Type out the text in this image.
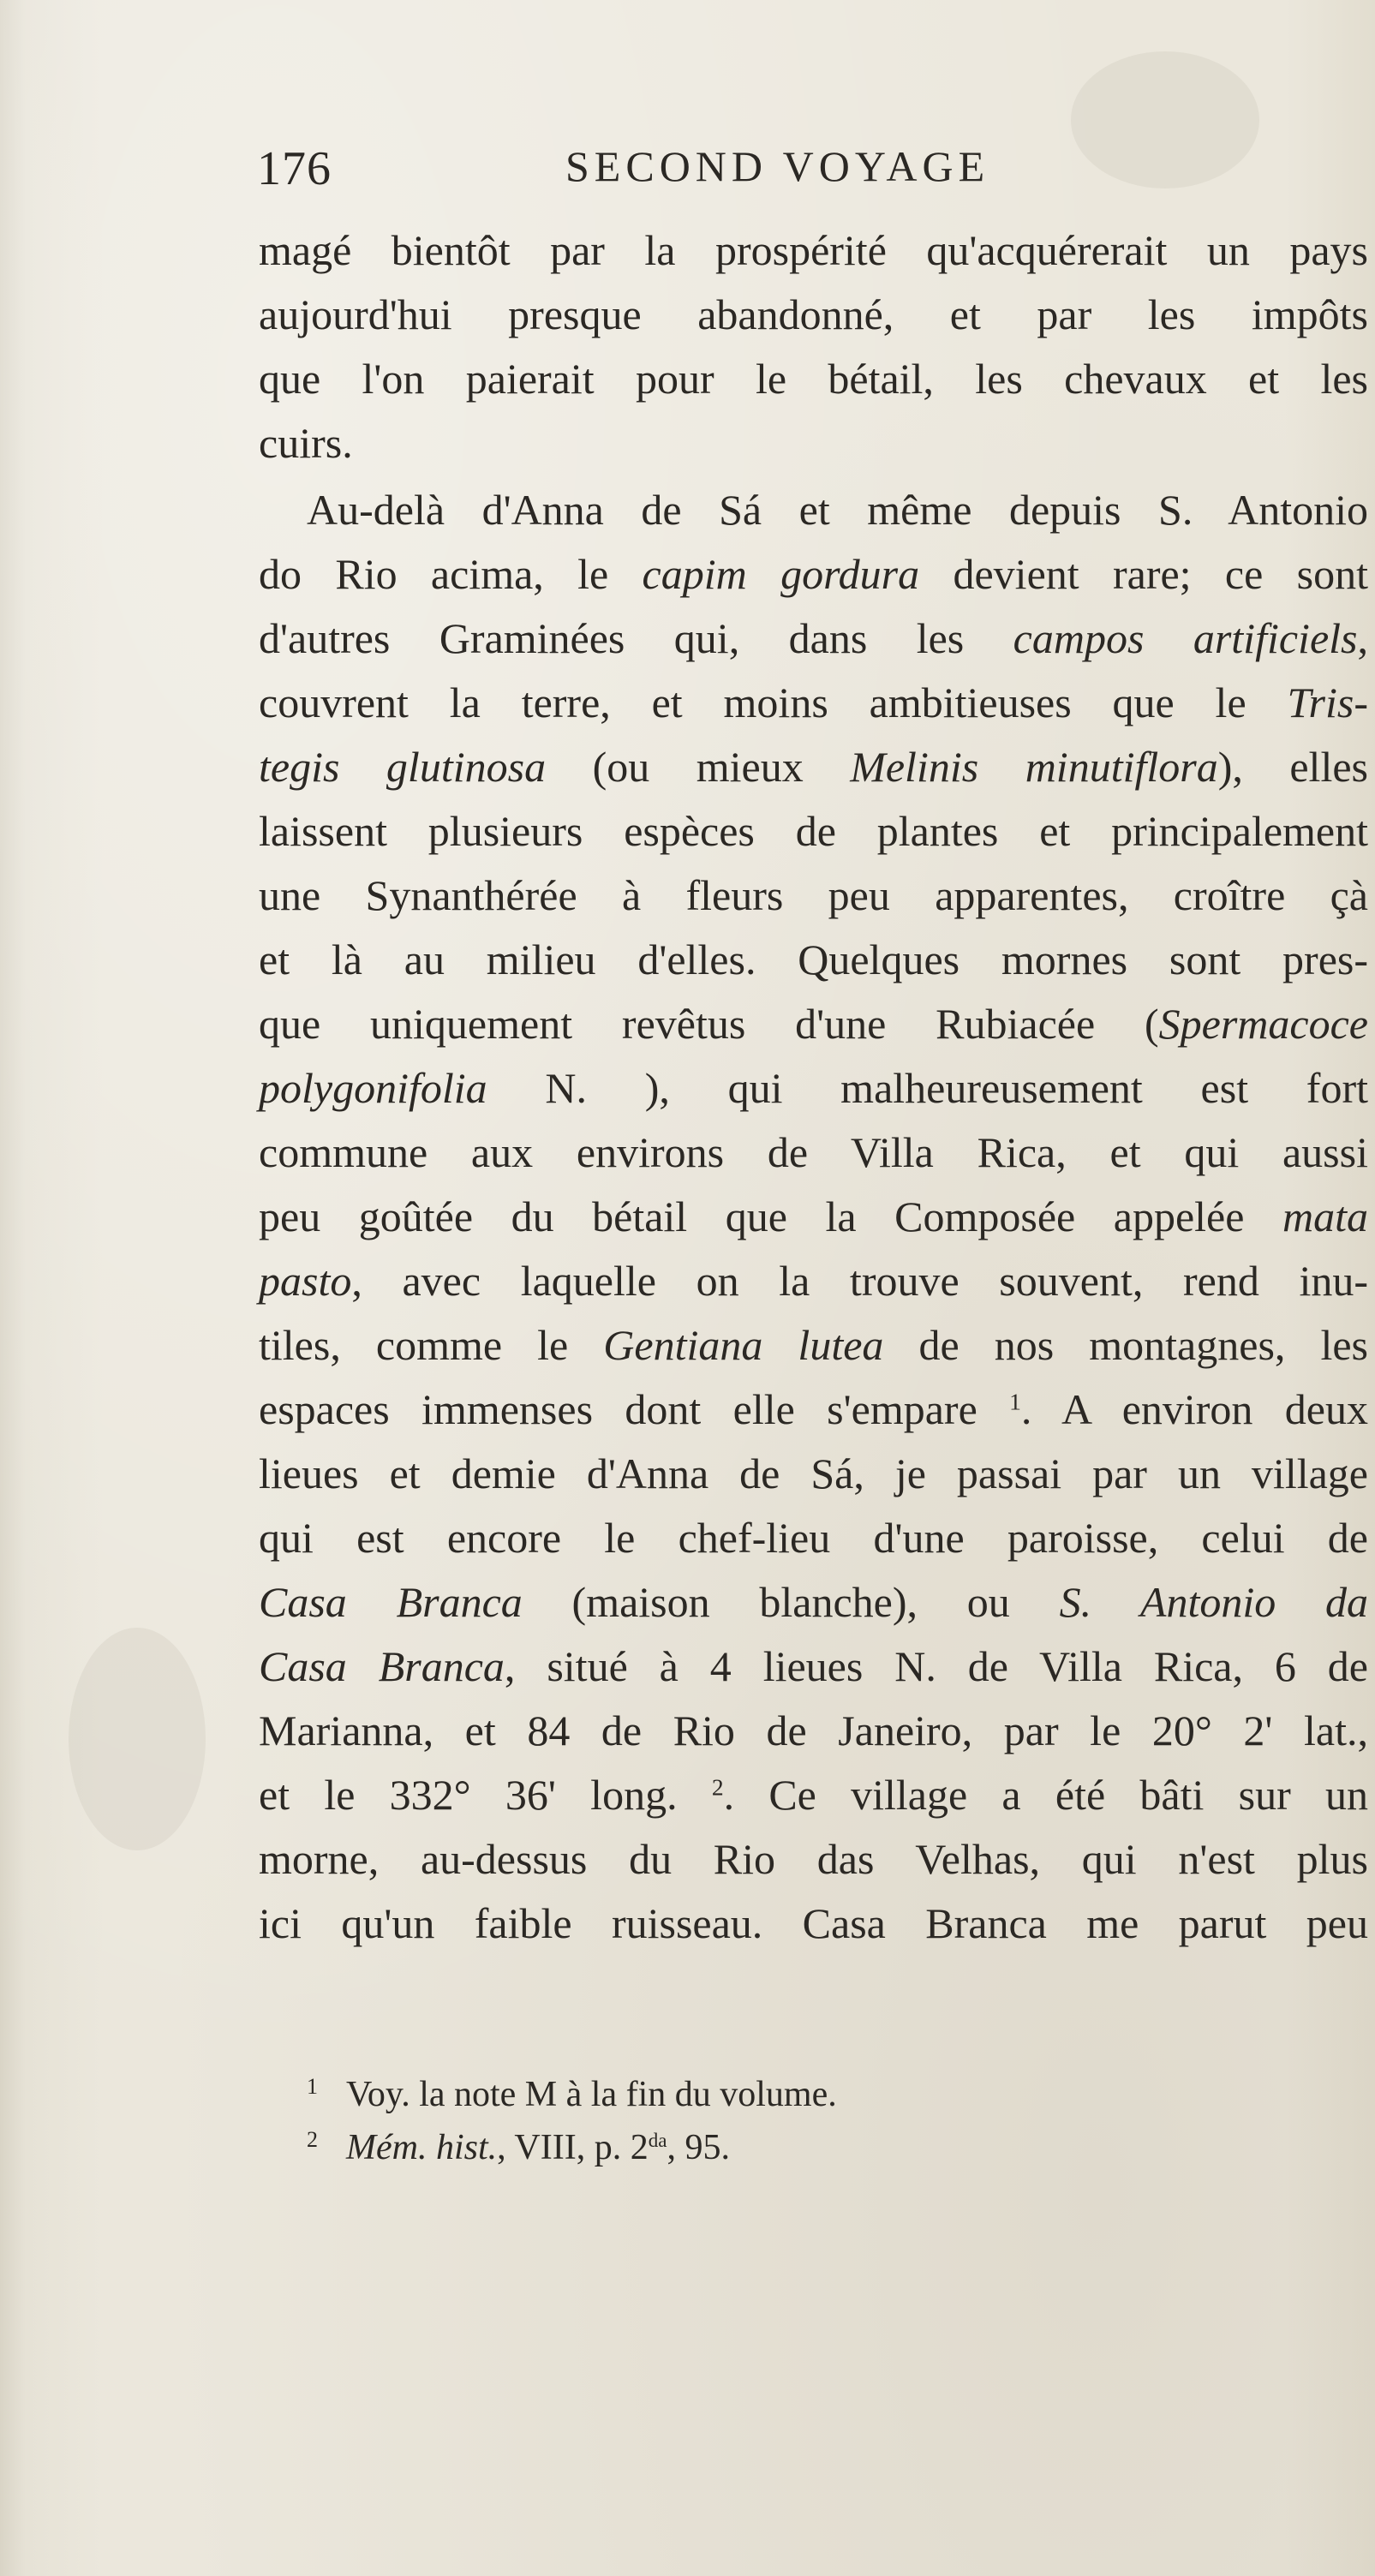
176	SECOND VOYAGE
magé bientôt par la prospérité qu'acquérerait un pays
aujourd'hui presque abandonné, et par les impôts
que l'on paierait pour le bétail, les chevaux et les
cuirs.
Au-delà d'Anna de Sá et même depuis S. Antonio
do Rio acima, le capim gordura devient rare; ce sont
d'autres Graminées qui, dans les campos artificiels,
couvrent la terre, et moins ambitieuses que le Tris-
tegis glutinosa (ou mieux Melinis minutiflora), elles
laissent plusieurs espèces de plantes et principalement
une Synanthérée à fleurs peu apparentes, croître çà
et là au milieu d'elles. Quelques mornes sont pres-
que uniquement revêtus d'une Rubiacée (Spermacoce
polygonifolia N. ), qui malheureusement est fort
commune aux environs de Villa Rica, et qui aussi
peu goûtée du bétail que la Composée appelée mata
pasto, avec laquelle on la trouve souvent, rend inu-
tiles, comme le Gentiana lutea de nos montagnes, les
espaces immenses dont elle s'empare $^1$. A environ deux
lieues et demie d'Anna de Sá, je passai par un village
qui est encore le chef-lieu d'une paroisse, celui de
Casa Branca (maison blanche), ou S. Antonio da
Casa Branca, situé à 4 lieues N. de Villa Rica, 6 de
Marianna, et 84 de Rio de Janeiro, par le 20° 2' lat.,
et le 332° 36' long. $^2$. Ce village a été bâti sur un
morne, au-dessus du Rio das Velhas, qui n'est plus
ici qu'un faible ruisseau. Casa Branca me parut peu
1 Voy. la note M à la fin du volume.
2 Mém. hist., VIII, p. $2^{da}$, 95.
